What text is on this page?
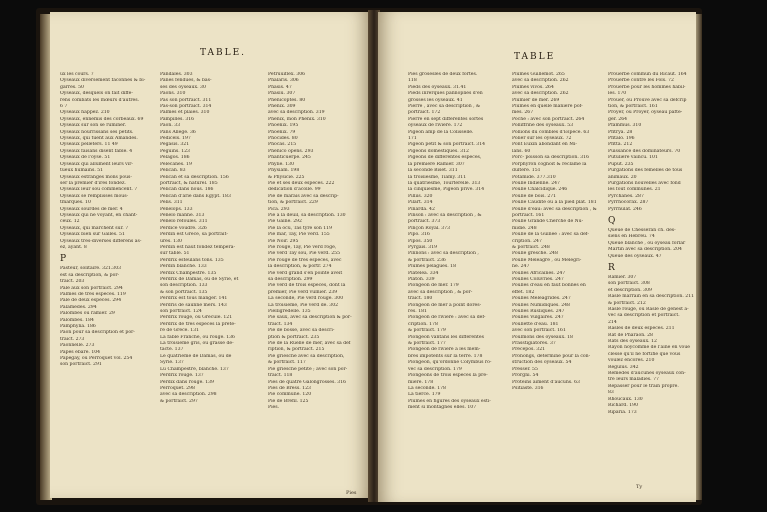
TABLE.
ux les cours. 7
Oyseaux diversement faconnés & bi-
garrés. 50
Oyseaux, desquels on fait diffe-
rens combats les mœurs d'autres.
6 7
Oyseaux happez. 210
Oyseaux, ennemis des corbeaux. 69
Oyseaux sur son se ruminer.
Oyseaux nourrissans ses petits.
Oyseaux, qui tuent aux Amandes.
Oyseaux pelleters. 11 49
Oyseaux faisans disent fable. 4
Oyseaux de l'oyse. 51
Oyseaux qui allument leurs vir-
tueux humains. 51
Oyseaux estranges mons pous-
ser la premier d'ires fondez.
Oyseaux leur sou commencent. 7
Oyseaux se remplisses mous-
tmarques. 10
Oyseaux sourdes de mer. 4
Oyseaux qui ne voyant, en chant-
ceux. 12
Oyseaux, qui marchent sur. 7
Oyseaux bien sur Galles. 51
Oyseaux tres-diverses differens as-
ez, ayant. 8
P
Pasteur, solitaire. 321.303
est sa description, & por-
traict. 203
Pale aux son portraict. 294
Palmes de tres especes. 119
Pale de deux especes. 294
Palamedes. 294
Palombes ou ramier. 29
Palombes. 184
Pamphylia. 186
Paon pour sa description et por-
traict. 273
Paonnelle. 273
Papes ebare. 104
Papegay, ou Perroquet vol. 254
son portraict. 291
Pandales. 303
Panes fendues, & bas-
ses des oyseaux. 30
Paons. 310
Pas son portraict. 311
Pas-son portraict. 314
Palmes et plaies. 310
Pampilles. 316
Paon. 33
Pans Allege. 36
Pedicels. 197
Pegasis. 321
Peguins. 123
Pelagos. 186
Pelecanes. 19
Pelican. 83
Pelican et sa description. 156
portraict, & naturel. 185
Pelican dans nous. 186
Pelican d'arie dans Egypt. 183
Pelis. 311
Penelops. 133
Penelo manne. 313
Penelo refoules. 311
Perdice voudre. 326
Perdin est Grece, sa portrait-
ures. 130
Perdin est haut fondez tempera-
sur table. 51
Perdrix esteulans tons. 135
Perdin blanche. 133
Perdix Champestre. 135
Perdrix de Damas, ou de Syrie, et
son description. 133
& son portraict. 135
Perdrix est tous manger. 141
Perdris de saunne mers. 143
son portraict. 124
Perdrix rouge, ou Grecule. 121
Perdrix de tres especes la prete-
re de Grece. 131
La fable Franche, ou rouge. 136
La troisieme gris, ou grasse de-
tacte. 137
Le quatrieme de Damas, ou de
Syrie. 137
Lu Champestre, blanche. 137
Perdrix rouge. 137
Perdix dans rouge. 139
Perroquet. 298
avec sa description. 298
& portraict. 297
Petruuiflex. 306
Phalaris. 306
Phasis. 47
Phasiu. 307
Phenicoptes. 80
Phenix. 309
avec sa description. 319
Phenix, mon Phenix. 310
Phoenix. 195
Phoenix. 79
Phocides. 80
Phocas. 215
Phenico opens. 293
Phanticuerpe. 245
Phylie. 130
Physiam. 198
& Physicie. 225
Pie et ses deux especes. 222
dedication d'acolle. 99
Pie de marais avec sa descrip-
tion, & portraict. 229
Pica. 293
Pie a la deuil, sa description. 130
Pie Gaine. 292
Pie la ocu, Tas tyre son 119
Pie mar, Tay, Pie verd. 155
Pie Noir. 295
Pie rouge, Tay, Pie verd roge,
Pie verd Tay sou, Pie verd. 255
Pie rouge de tres especes, avec
la description, & portr. 274
Pie verd grand s'en pointe aveit
sa description. 299
Pie verd de trois especes, dont la
premier, Pie verd vulnier. 239
La seconde, Pie verd rouge. 300
La troisieme, Pie verd de. 302
Pielligredelle. 135
Pie saux, avec sa description & por-
traict. 134
Pie de bosse, avec sa descri-
ption & portraict. 235
Pie de la Ruelle de mer, avec sa def
ription, & portraict. 215
Pie griesche avec sa description,
& portraict. 117
Pie griesche petite ; avec son por-
traict. 118
Pies de quatre Galongrosses. 316
Pies de Bress. 123
Pie commune. 120
Pie de Brefil. 125
Pies.
Pies
TABLE
Pies grosesles de deux fortes.
118
Pieds des oyseaux. 31.41
Pieds inrerques pannoplies d'en
grosses les oyseaux. 41
Pierre , avec sa description , &
portraict. 172
Pierre en sept differentes sortes
oyseaux de riviere. 172
Pigeon amp de la Colisselle.
171
Pigeon petit & son portraict. 314
Pigeons domestiques. 312
Pigeons de differentes especes,
la premiere Ramier. 307
la seconde Biset. 311
la troisiesme, Tiamy. 311
la quatriesme, Tourterelle. 313
la cinquiesme, Pigeon privé. 314
Pilliis. 320
Pilart. 314
Pinarda. 42
Pinson : avec sa description , &
portraict. 373
Pinçon Royal. 373
Pipo. 316
Pipos. 350
Pyrgais. 319
Pinnons : avec sa description ,
& portraict. 236
Plumes pelagues. 18
Platelea. 334
Platon. 339
Plongeon de mer. 179
avec sa description , & por-
traict. 180
Plongeon de mer a point dores-
res. 181
Plongeon de riviere : avec sa def-
cription. 178
& portraict. 179
Plongeon vantans les differentes
& portraict. 177
Plongeon de riviere a les mem-
bres impotents sur la terre. 178
Plongeon, qu'ordonné Colymbus ro-
vec sa description. 179
Plongeons de trois especes la pre-
miere. 178
La seconde. 178
La tierce. 179
Plumes en figures des oyseaux esti-
ment si montagnes elles. 107
Plumes Guillemot. 265
avec sa description. 262
Plumes vivos. 264
avec sa description. 262
Plumier de mer. 269
Plumes en quelle maniere pof-
mes. 267
Poche : avec son portraict. 264
Polliffrine des oyseaux. 53
Pollions du combles d'Espece. 63
Polier sur les oyseaux. 72
Pont Euxin abondant en Mi-
lans. 60
Porc- poisson sa description. 316
Porphyron cognoit & reclame la
dultere. 151
Potamide. 377.310
Poulle Indienne. 247
Poulle Chalcidique. 246
Poulle de bois. 271
Poulle Caudite ou a la pied plat. 181
Poulle d'eau: avec sa description , &
portraict. 161
Poulle Grande Cherche de Nu-
midie. 248
Poulle de la Guinee : avec sa def-
cription. 247
& portraict. 248
Poulle gresche. 248
Poulle Meleagre , ou Melegri-
ne. 247
Poulles Africaines. 247
Poulles Coluvries. 247
Poulles d'eau en faut bonnes en
effet. 182
Poulles Meleagrides. 247
Poulles Numidiques. 248
Poulles Rusliques. 247
Poulles Vulgaires. 247
Poullette d'eau. 181
avec son portraict. 161
Poulmons des oyseaux. 18
Prasstigiatores. 37
Precepos. 321
Pronongs, determiné pour la con-
struction des oyseaux. 54
Presser. 55
Prorgni. 54
Proteins aiment d'aucuns. 63
Psitiaste. 316
Prouerbe commun du Ricaut. 164
Prouerbe contre les Fols. 72
Prouerbe pour les hommes habil-
les. 170
Prouer, ou Prouvé avec sa defcrip
tion, & portraict. 161
Proyer, ou Proyer, oyseau pafte-
ger. 264
Pfammus. 310
Pfitrya. 28
Pfitalo. 196
Pfitta. 212
Puissance des dominateurs. 70
Putuliere vaincu. 101
Puput. 235
Purgations des femelles de tous
animaux. 20
Purgations nouvelles avec fond
les fout communes. 21
Pyrchanes. 287
Pyrrhocorax. 287
Pyrrhulat. 246
Q
Queue de Chesseran ch. des-
siens en Hebreu. 74
Queue blanche , ou oyseau forlar
Martin avec sa description. 204
Queue des oyseaux. 47
R
Ramier. 307
son portraict. 308
et description. 309
Rasle marrain en sa description. 211
& portraict. 212
Rasle rouge, ou Rasle de genest a-
vec sa description et portraict.
214
Rasles de deux especes. 211
Rat de Pharaon. 28
Rats des oyseaux. 12
Rayon noycomme de l'aine en voue
clesse qu'il ne fortifie que vous
voulez encores. 210
Regulus. 342
Remedes d'aucunes oyseaux con-
tre leurs maladies. 77
Repasser pour le train propre.
83
Rhoucaux. 130
Richard. 190
Riparia. 173
Ty
